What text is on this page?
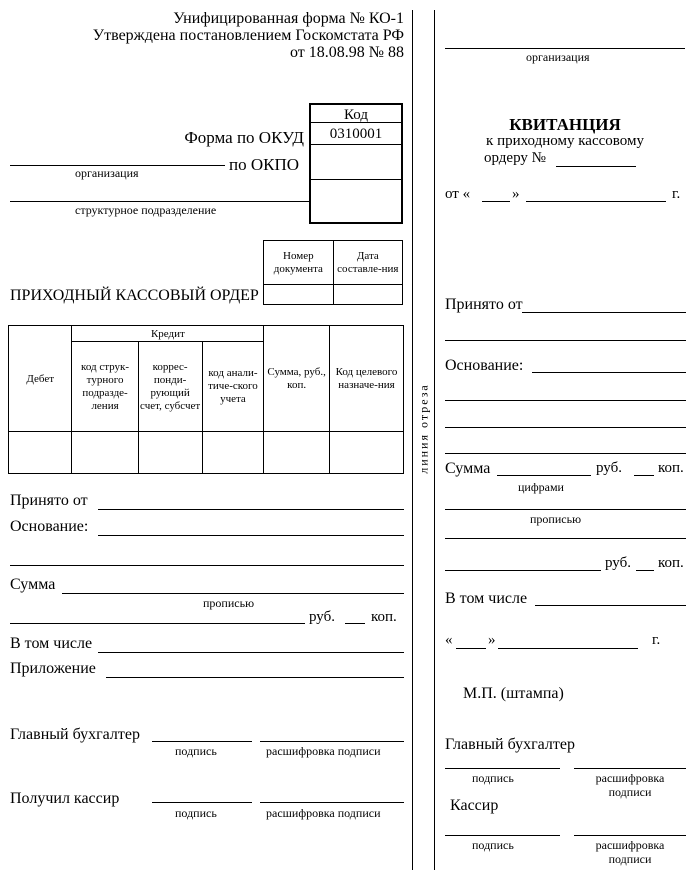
Унифицированная форма № КО-1
Утверждена постановлением Госкомстата РФ
от 18.08.98 № 88
Код
0310001
Форма по ОКУД
организация	по ОКПО
структурное подразделение
Номер документа	Дата составле-ния

ПРИХОДНЫЙ КАССОВЫЙ ОРДЕР
Дебет	Кредит			Сумма, руб., коп.	Код целевого назначе-ния
	код струк-турного подразде-ления	коррес-понди-рующий счет, субсчет	код анали-тиче-ского учета		

Принято от
Основание:
Сумма
прописью
руб. коп.
В том числе
Приложение
Главный бухгалтер
подпись	расшифровка подписи
Получил кассир
подпись	расшифровка подписи
линия отреза
организация
КВИТАНЦИЯ
к приходному кассовому
ордеру №
от «	»	г.
Принято от
Основание:
Сумма	руб. коп.
цифрами
прописью
руб. коп.
В том числе
« »	г.
М.П. (штампа)
Главный бухгалтер
подпись	расшифровка подписи
Кассир
подпись	расшифровка подписи
